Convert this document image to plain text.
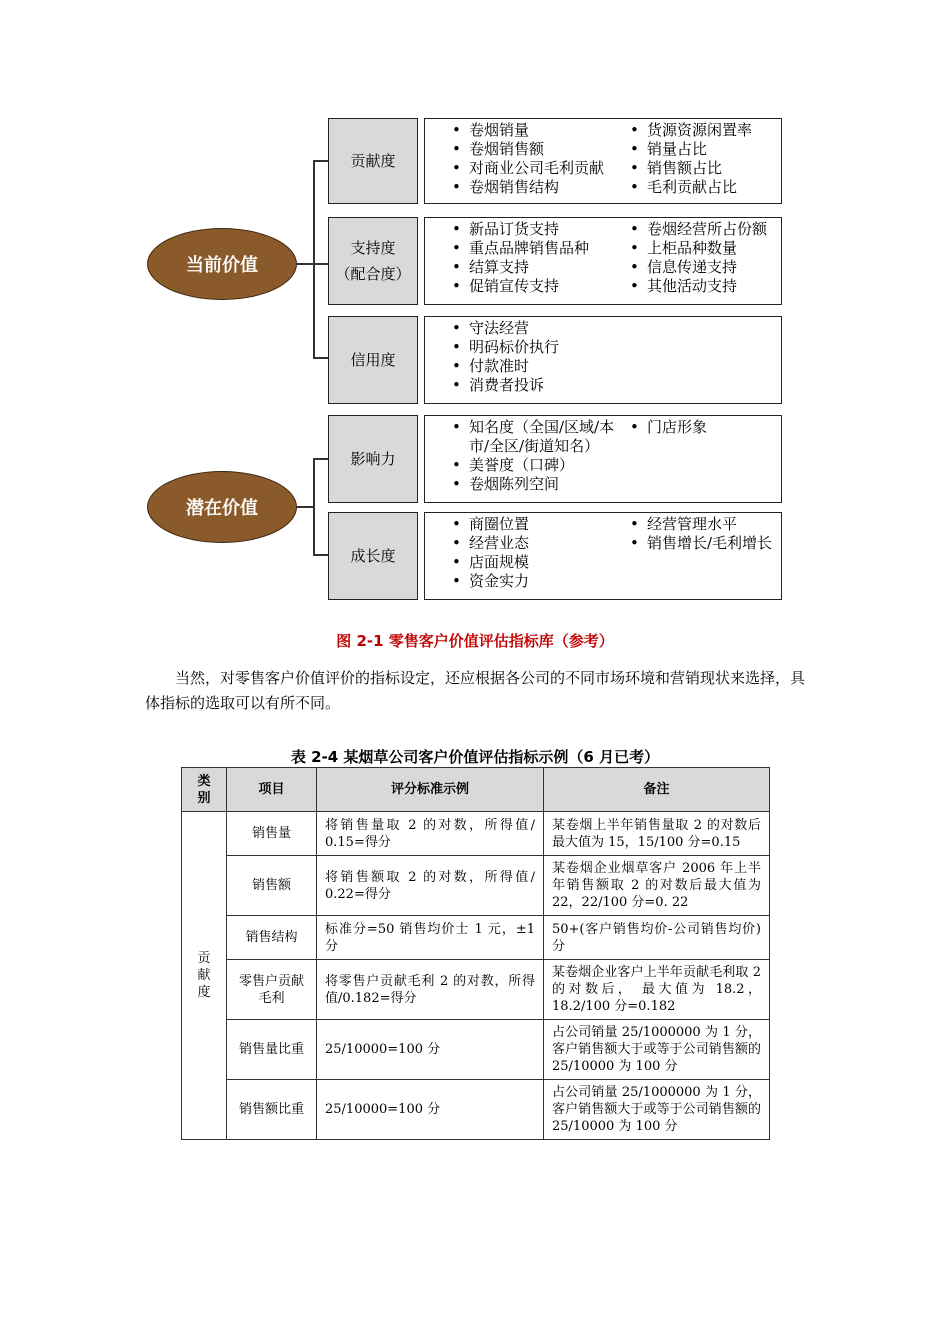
当前价值
潜在价值
贡献度
• 卷烟销量
• 卷烟销售额
• 对商业公司毛利贡献
• 卷烟销售结构
• 货源资源闲置率
• 销量占比
• 销售额占比
• 毛利贡献占比
支持度
（配合度）
• 新品订货支持
• 重点品牌销售品种
• 结算支持
• 促销宣传支持
• 卷烟经营所占份额
• 上柜品种数量
• 信息传递支持
• 其他活动支持
信用度
• 守法经营
• 明码标价执行
• 付款准时
• 消费者投诉
影响力
• 知名度（全国/区域/本市/全区/街道知名）
• 美誉度（口碑）
• 卷烟陈列空间
• 门店形象
成长度
• 商圈位置
• 经营业态
• 店面规模
• 资金实力
• 经营管理水平
• 销售增长/毛利增长
图 2-1 零售客户价值评估指标库（参考）
当然，对零售客户价值评价的指标设定，还应根据各公司的不同市场环境和营销现状来选择，具体指标的选取可以有所不同。
表 2-4 某烟草公司客户价值评估指标示例（6 月已考）
类别	项目	评分标准示例	备注
贡献度	销售量	将销售量取 2 的对数，所得值/ 0.15=得分	某卷烟上半年销售量取 2 的对数后最大值为 15，15/100 分=0.15
	销售额	将销售额取 2 的对数，所得值/ 0.22=得分	某卷烟企业烟草客户 2006 年上半年销售额取 2 的对数后最大值为 22，22/100 分=0. 22
	销售结构	标准分=50 销售均价士 1 元，±1 分	50+(客户销售均价-公司销售均价)分
	零售户贡献毛利	将零售户贡献毛利 2 的对教，所得值/0.182=得分	某卷烟企业客户上半年贡献毛利取 2 的对数后， 最大值为 18.2，18.2/100 分=0.182
	销售量比重	25/10000=100 分	占公司销量 25/1000000 为 1 分，客户销售额大于或等于公司销售额的 25/10000 为 100 分
	销售额比重	25/10000=100 分	占公司销量 25/1000000 为 1 分，客户销售额大于或等于公司销售额的 25/10000 为 100 分
